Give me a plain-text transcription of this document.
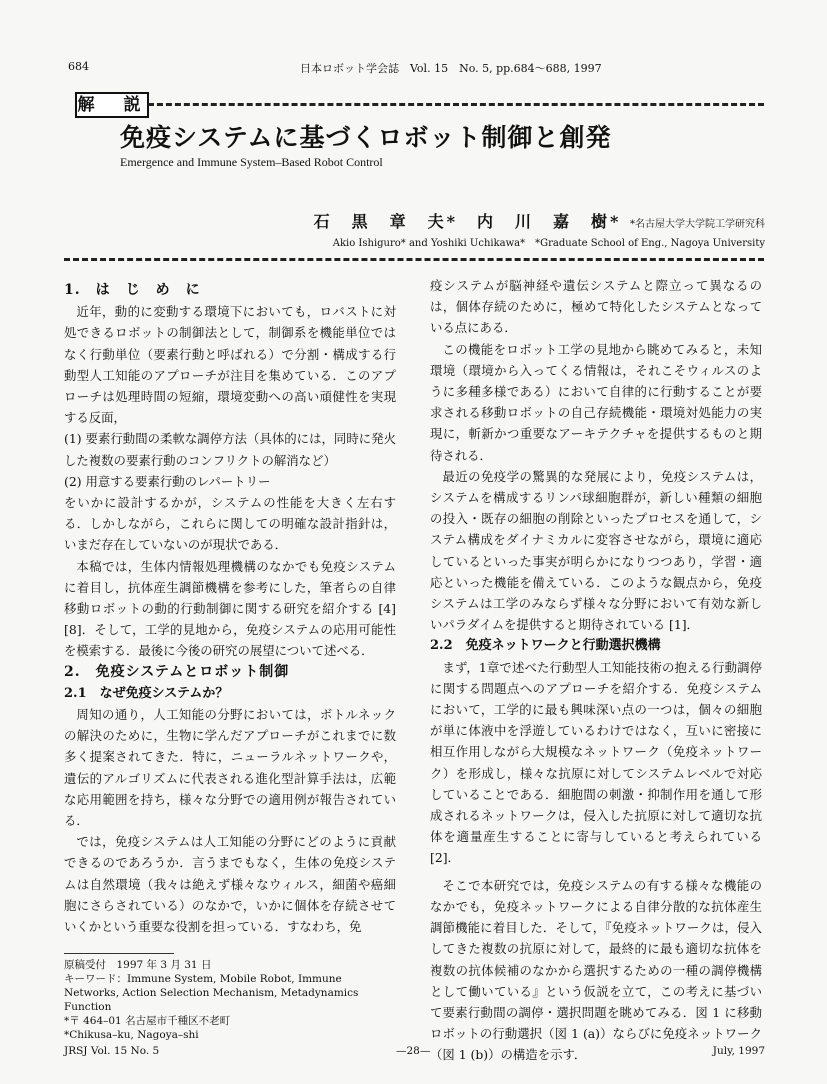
684	日本ロボット学会誌　Vol. 15　No. 5, pp.684～688, 1997
解　説
免疫システムに基づくロボット制御と創発
Emergence and Immune System–Based Robot Control
石　黒　章　夫*　内　川　嘉　樹* *名古屋大学大学院工学研究科
Akio Ishiguro* and Yoshiki Uchikawa*　*Graduate School of Eng., Nagoya University

1.　は　じ　め　に

近年，動的に変動する環境下においても，ロバストに対処できるロボットの制御法として，制御系を機能単位ではなく行動単位（要素行動と呼ばれる）で分割・構成する行動型人工知能のアプローチが注目を集めている．このアプローチは処理時間の短縮，環境変動への高い頑健性を実現する反面，

(1) 要素行動間の柔軟な調停方法（具体的には，同時に発火した複数の要素行動のコンフリクトの解消など）

(2) 用意する要素行動のレパートリー

をいかに設計するかが，システムの性能を大きく左右する．しかしながら，これらに関しての明確な設計指針は，いまだ存在していないのが現状である．

本稿では，生体内情報処理機構のなかでも免疫システムに着目し，抗体産生調節機構を参考にした，筆者らの自律移動ロボットの動的行動制御に関する研究を紹介する [4][8]．そして，工学的見地から，免疫システムの応用可能性を模索する．最後に今後の研究の展望について述べる．

2.　免疫システムとロボット制御

2.1　なぜ免疫システムか？

周知の通り，人工知能の分野においては，ボトルネックの解決のために，生物に学んだアプローチがこれまでに数多く提案されてきた．特に，ニューラルネットワークや，遺伝的アルゴリズムに代表される進化型計算手法は，広範な応用範囲を持ち，様々な分野での適用例が報告されている．

では，免疫システムは人工知能の分野にどのように貢献できるのであろうか．言うまでもなく，生体の免疫システムは自然環境（我々は絶えず様々なウィルス，細菌や癌細胞にさらされている）のなかで，いかに個体を存続させていくかという重要な役割を担っている．すなわち，免

疫システムが脳神経や遺伝システムと際立って異なるのは，個体存続のために，極めて特化したシステムとなっている点にある．

この機能をロボット工学の見地から眺めてみると，未知環境（環境から入ってくる情報は，それこそウィルスのように多種多様である）において自律的に行動することが要求される移動ロボットの自己存続機能・環境対処能力の実現に，斬新かつ重要なアーキテクチャを提供するものと期待される．

最近の免疫学の驚異的な発展により，免疫システムは，システムを構成するリンパ球細胞群が，新しい種類の細胞の投入・既存の細胞の削除といったプロセスを通して，システム構成をダイナミカルに変容させながら，環境に適応しているといった事実が明らかになりつつあり，学習・適応といった機能を備えている．このような観点から，免疫システムは工学のみならず様々な分野において有効な新しいパラダイムを提供すると期待されている [1]．

2.2　免疫ネットワークと行動選択機構

まず，1章で述べた行動型人工知能技術の抱える行動調停に関する問題点へのアプローチを紹介する．免疫システムにおいて，工学的に最も興味深い点の一つは，個々の細胞が単に体液中を浮遊しているわけではなく，互いに密接に相互作用しながら大規模なネットワーク（免疫ネットワーク）を形成し，様々な抗原に対してシステムレベルで対応していることである．細胞間の刺激・抑制作用を通して形成されるネットワークは，侵入した抗原に対して適切な抗体を適量産生することに寄与していると考えられている [2]．

そこで本研究では，免疫システムの有する様々な機能のなかでも，免疫ネットワークによる自律分散的な抗体産生調節機能に着目した．そして，『免疫ネットワークは，侵入してきた複数の抗原に対して，最終的に最も適切な抗体を複数の抗体候補のなかから選択するための一種の調停機構として働いている』という仮説を立て，この考えに基づいて要素行動間の調停・選択問題を眺めてみる．図 1 に移動ロボットの行動選択（図 1 (a)）ならびに免疫ネットワーク（図 1 (b)）の構造を示す．

原稿受付　1997 年 3 月 31 日
キーワード：Immune System, Mobile Robot, Immune Networks, Action Selection Mechanism, Metadynamics Function
*〒 464–01 名古屋市千種区不老町
*Chikusa–ku, Nagoya–shi
JRSJ Vol. 15 No. 5	—28—	July, 1997
